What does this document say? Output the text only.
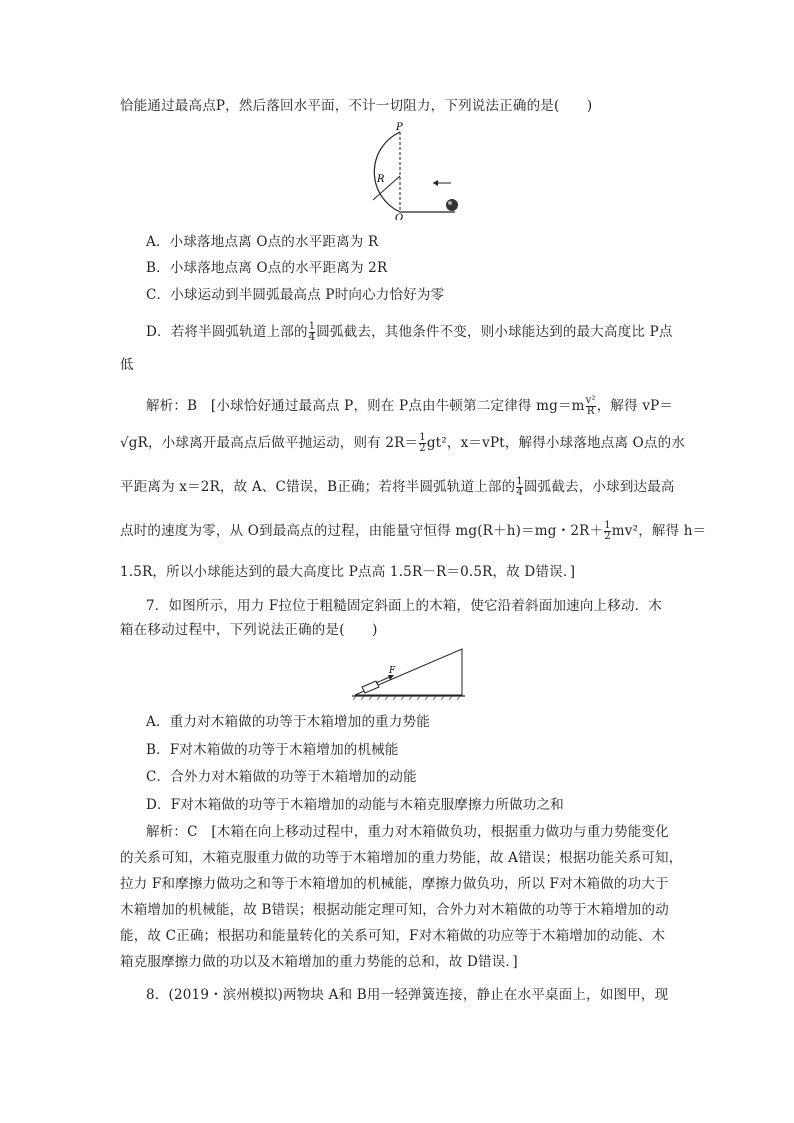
恰能通过最高点P，然后落回水平面，不计一切阻力，下列说法正确的是(　　)
P
R
O
A．小球落地点离 O点的水平距离为 R
B．小球落地点离 O点的水平距离为 2R
C．小球运动到半圆弧最高点 P时向心力恰好为零
D．若将半圆弧轨道上部的 $\frac{1}{4}$ 圆弧截去，其他条件不变，则小球能达到的最大高度比 P点
低
解析：B　[小球恰好通过最高点 P，则在 P点由牛顿第二定律得 $mg=m \frac{\text{v²}}{R}$ ，解得 vP＝
√gR，小球离开最高点后做平抛运动，则有 $2R= \frac{1}{2} gt^2$，x＝vPt，解得小球落地点离 O点的水
平距离为 x＝2R，故 A、C错误，B正确；若将半圆弧轨道上部的 $\frac{1}{4}$ 圆弧截去，小球到达最高
点时的速度为零，从 O到最高点的过程，由能量守恒得 mg(R＋h)＝mg・$2R+ \frac{1}{2} mv^2$，解得 h＝
1.5R，所以小球能达到的最大高度比 P点高 1.5R－R＝0.5R，故 D错误．]
7．如图所示，用力 F拉位于粗糙固定斜面上的木箱，使它沿着斜面加速向上移动．木
箱在移动过程中，下列说法正确的是(　　)
F
A．重力对木箱做的功等于木箱增加的重力势能
B．F对木箱做的功等于木箱增加的机械能
C．合外力对木箱做的功等于木箱增加的动能
D．F对木箱做的功等于木箱增加的动能与木箱克服摩擦力所做功之和
解析：C　[木箱在向上移动过程中，重力对木箱做负功，根据重力做功与重力势能变化
的关系可知，木箱克服重力做的功等于木箱增加的重力势能，故 A错误；根据功能关系可知，
拉力 F和摩擦力做功之和等于木箱增加的机械能，摩擦力做负功，所以 F对木箱做的功大于
木箱增加的机械能，故 B错误；根据动能定理可知，合外力对木箱做的功等于木箱增加的动
能，故 C正确；根据功和能量转化的关系可知，F对木箱做的功应等于木箱增加的动能、木
箱克服摩擦力做的功以及木箱增加的重力势能的总和，故 D错误．]
8．(2019・滨州模拟)两物块 A和 B用一轻弹簧连接，静止在水平桌面上，如图甲，现
